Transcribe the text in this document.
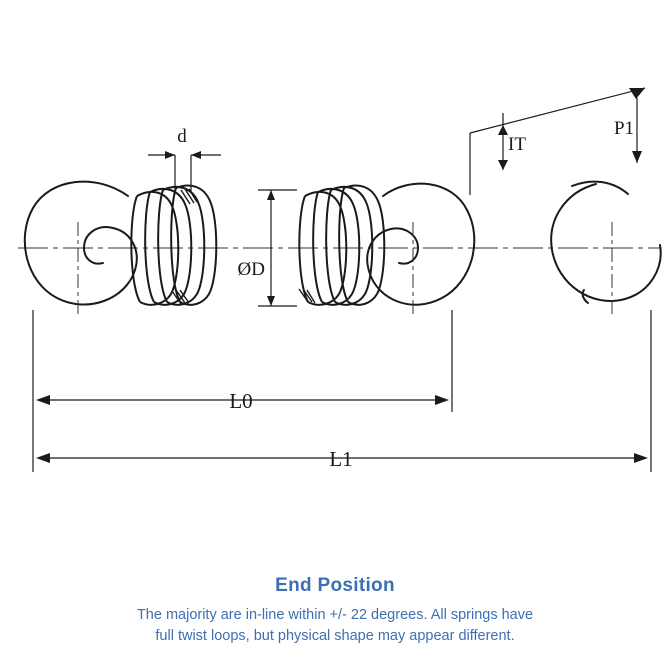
d
ØD
IT
P1
L0
L1
End Position
The majority are in-line within +/- 22 degrees. All springs have
full twist loops, but physical shape may appear different.
